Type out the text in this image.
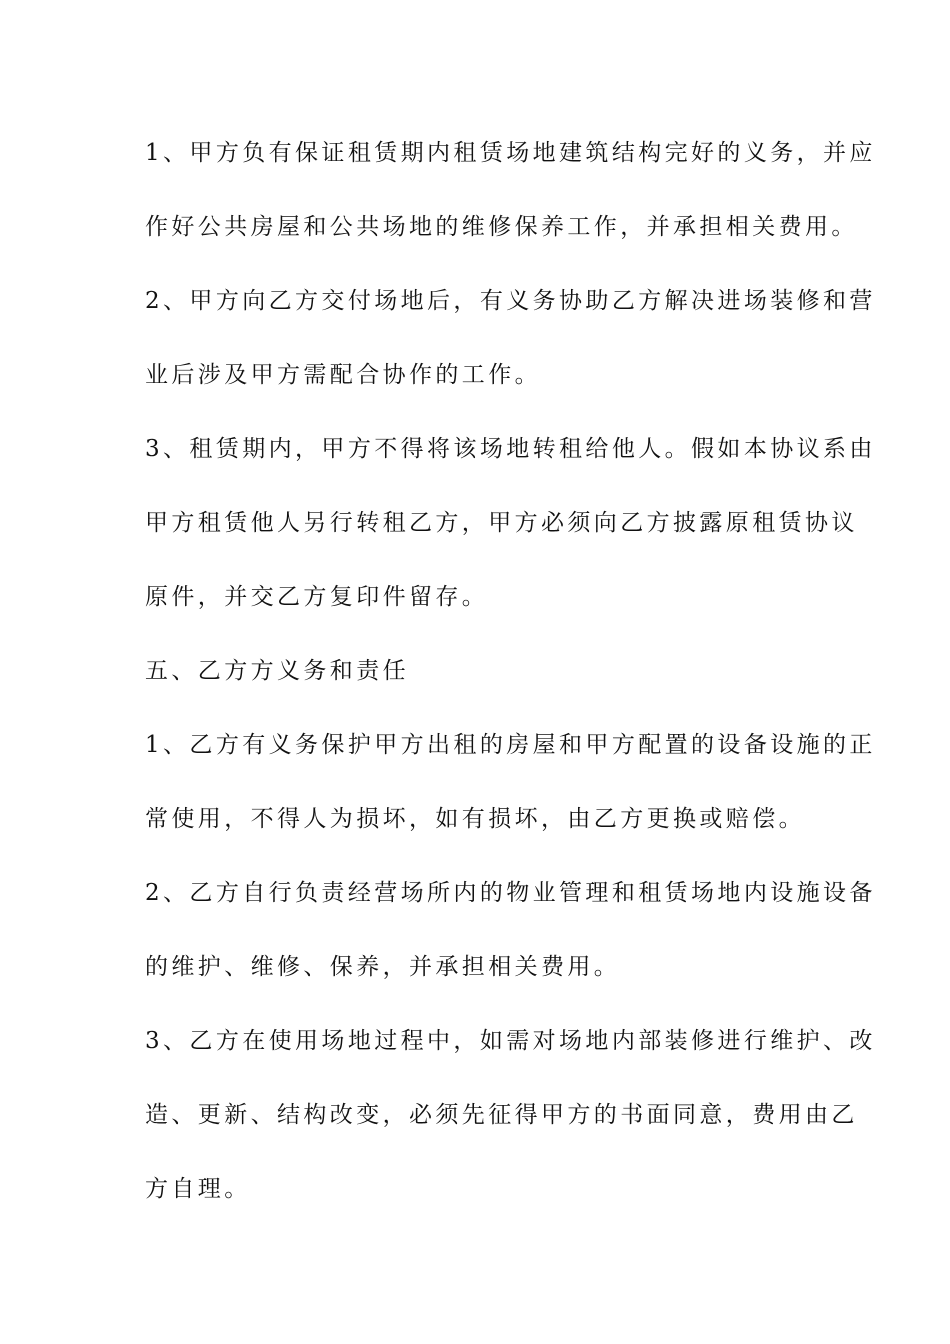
1、甲方负有保证租赁期内租赁场地建筑结构完好的义务，并应
作好公共房屋和公共场地的维修保养工作，并承担相关费用。
2、甲方向乙方交付场地后，有义务协助乙方解决进场装修和营
业后涉及甲方需配合协作的工作。
3、租赁期内，甲方不得将该场地转租给他人。假如本协议系由
甲方租赁他人另行转租乙方，甲方必须向乙方披露原租赁协议
原件，并交乙方复印件留存。
五、乙方方义务和责任
1、乙方有义务保护甲方出租的房屋和甲方配置的设备设施的正
常使用，不得人为损坏，如有损坏，由乙方更换或赔偿。
2、乙方自行负责经营场所内的物业管理和租赁场地内设施设备
的维护、维修、保养，并承担相关费用。
3、乙方在使用场地过程中，如需对场地内部装修进行维护、改
造、更新、结构改变，必须先征得甲方的书面同意，费用由乙
方自理。
